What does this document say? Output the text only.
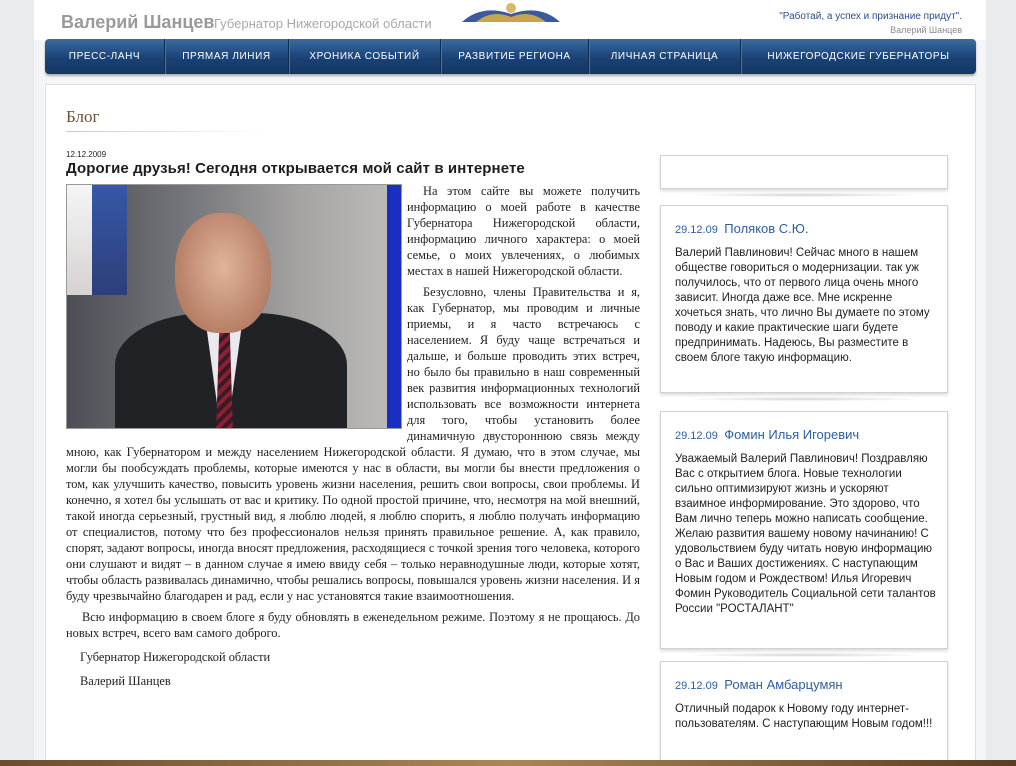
Валерий Шанцев Губернатор Нижегородской области	"Работай, а успех и признание придут".
Валерий Шанцев
ПРЕСС-ЛАНЧ	ПРЯМАЯ ЛИНИЯ	ХРОНИКА СОБЫТИЙ	РАЗВИТИЕ РЕГИОНА	ЛИЧНАЯ СТРАНИЦА	НИЖЕГОРОДСКИЕ ГУБЕРНАТОРЫ
Блог
12.12.2009
Дорогие друзья! Сегодня открывается мой сайт в интернете

На этом сайте вы можете получить информацию о моей работе в качестве Губернатора Нижегородской области, информацию личного характера: о моей семье, о моих увлечениях, о любимых местах в нашей Нижегородской области.

Безусловно, члены Правительства и я, как Губернатор, мы проводим и личные приемы, и я часто встречаюсь с населением. Я буду чаще встречаться и дальше, и больше проводить этих встреч, но было бы правильно в наш современный век развития информационных технологий использовать все возможности интернета для того, чтобы установить более динамичную двустороннюю связь между мною, как Губернатором и между населением Нижегородской области. Я думаю, что в этом случае, мы могли бы пообсуждать проблемы, которые имеются у нас в области, вы могли бы внести предложения о том, как улучшить качество, повысить уровень жизни населения, решить свои вопросы, свои проблемы. И конечно, я хотел бы услышать от вас и критику. По одной простой причине, что, несмотря на мой внешний, такой иногда серьезный, грустный вид, я люблю людей, я люблю спорить, я люблю получать информацию от специалистов, потому что без профессионалов нельзя принять правильное решение. А, как правило, спорят, задают вопросы, иногда вносят предложения, расходящиеся с точкой зрения того человека, которого они слушают и видят – в данном случае я имею ввиду себя – только неравнодушные люди, которые хотят, чтобы область развивалась динамично, чтобы решались вопросы, повышался уровень жизни населения. И я буду чрезвычайно благодарен и рад, если у нас установятся такие взаимоотношения.

Всю информацию в своем блоге я буду обновлять в еженедельном режиме. Поэтому я не прощаюсь. До новых встреч, всего вам самого доброго.

Губернатор Нижегородской области

Валерий Шанцев

29.12.09 Поляков С.Ю.
Валерий Павлинович! Сейчас много в нашем обществе говориться о модернизации. так уж получилось, что от первого лица очень много зависит. Иногда даже все. Мне искренне хочеться знать, что лично Вы думаете по этому поводу и какие практические шаги будете предпринимать. Надеюсь, Вы разместите в своем блоге такую информацию.
29.12.09 Фомин Илья Игоревич
Уважаемый Валерий Павлинович! Поздравляю Вас с открытием блога. Новые технологии сильно оптимизируют жизнь и ускоряют взаимное информирование. Это здорово, что Вам лично теперь можно написать сообщение. Желаю развития вашему новому начинанию! С удовольствием буду читать новую информацию о Вас и Ваших достижениях. С наступающим Новым годом и Рождеством! Илья Игоревич Фомин Руководитель Социальной сети талантов России "РОСТАЛАНТ"
29.12.09 Роман Амбарцумян
Отличный подарок к Новому году интернет-пользователям. С наступающим Новым годом!!!
